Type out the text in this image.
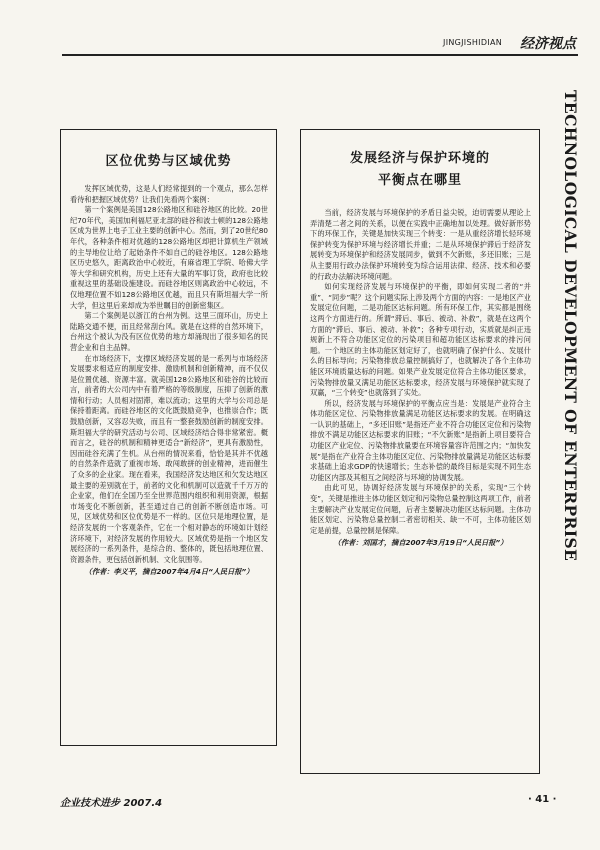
JINGJISHIDIAN 经济视点
TECHNOLOGICAL DEVELOPMENT OF ENTERPRISE
区位优势与区域优势

发挥区域优势，这是人们经常提到的一个观点，那么怎样看待和把握区域优势？让我们先看两个案例：

第一个案例是美国128公路地区和硅谷地区的比较。20世纪70年代，美国加利福尼亚北部的硅谷和波士顿的128公路地区成为世界上电子工业主要的创新中心。然而，到了20世纪80年代，各种条件相对优越的128公路地区却把计算机生产领域的主导地位让给了起始条件不如自己的硅谷地区。128公路地区历史悠久，距离政治中心较近，有麻省理工学院、哈佛大学等大学和研究机构，历史上还有大量的军事订货，政府也比较重视这里的基础设施建设。而硅谷地区则离政治中心较远，不仅地理位置不如128公路地区优越，而且只有斯坦福大学一所大学，但这里后来却成为举世瞩目的创新密集区。

第二个案例是以浙江的台州为例。这里三面环山，历史上陆路交通不便，而且经常刮台风。就是在这样的自然环境下，台州这个被认为没有区位优势的地方却涌现出了很多知名的民营企业和自主品牌。

在市场经济下，支撑区域经济发展的是一系列与市场经济发展要求相适应的制度安排、激励机制和创新精神，而不仅仅是位置优越、资源丰富。就美国128公路地区和硅谷的比较而言，前者的大公司内中有着严格的等级制度，压抑了创新的激情和行动；人员相对固滞，难以流动；这里的大学与公司总是保持着距离。而硅谷地区的文化既鼓励竞争，也推崇合作；既鼓励创新，又容忍失败，而且有一整套鼓励创新的制度安排。斯坦福大学的研究活动与公司、区域经济结合得非常紧密。概而言之，硅谷的机制和精神更适合“新经济”，更具有激励性，因而硅谷充满了生机。从台州的情况来看，恰恰是其并不优越的自然条件造就了重视市场、敢闯敢拼的创业精神，进而催生了众多的企业家。现在看来，我国经济发达地区和欠发达地区最主要的差别就在于，前者的文化和机制可以造就千千万万的企业家，他们在全国乃至全世界范围内组织和利用资源，根据市场变化不断创新，甚至通过自己的创新不断创造市场。可见，区域优势和区位优势是不一样的。区位只是地理位置，是经济发展的一个客观条件，它在一个相对静态的环境如计划经济环境下，对经济发展的作用较大。区域优势是指一个地区发展经济的一系列条件，是综合的、整体的，既包括地理位置、资源条件，更包括创新机制、文化氛围等。

（作者：李义平，摘自2007年4月4日“人民日报”）

发展经济与保护环境的
平衡点在哪里

当前，经济发展与环境保护的矛盾日益尖锐，迫切需要从理论上弄清楚二者之间的关系，以便在实践中正确地加以处理。做好新形势下的环保工作，关键是加快实现三个转变：一是从重经济增长轻环境保护转变为保护环境与经济增长并重；二是从环境保护滞后于经济发展转变为环境保护和经济发展同步，做到不欠新账，多还旧账；三是从主要用行政办法保护环境转变为综合运用法律、经济、技术和必要的行政办法解决环境问题。

如何实现经济发展与环境保护的平衡，即如何实现二者的“并重”、“同步”呢？这个问题实际上涉及两个方面的内容：一是地区产业发展定位问题，二是功能区达标问题。所有环保工作，其实都是围绕这两个方面进行的。所谓“滞后、事后、被动、补救”，就是在这两个方面的“滞后、事后、被动、补救”；各种专项行动，实质就是纠正违规新上不符合功能区定位的污染项目和超功能区达标要求的排污问题。一个地区的主体功能区划定好了，也就明确了保护什么、发展什么的目标导向；污染物排放总量控制搞好了，也就解决了各个主体功能区环境质量达标的问题。如果产业发展定位符合主体功能区要求，污染物排放量又满足功能区达标要求，经济发展与环境保护就实现了双赢，“三个转变”也就落到了实处。

所以，经济发展与环境保护的平衡点应当是：发展是产业符合主体功能区定位、污染物排放量满足功能区达标要求的发展。在明确这一认识的基础上，“多还旧账”是指还产业不符合功能区定位和污染物排放不满足功能区达标要求的旧账；“不欠新账”是指新上项目要符合功能区产业定位、污染物排放量要在环境容量容许范围之内；“加快发展”是指在产业符合主体功能区定位、污染物排放量满足功能区达标要求基础上追求GDP的快速增长；生态补偿的最终目标是实现不同生态功能区内部及其相互之间经济与环境的协调发展。

由此可见，协调好经济发展与环境保护的关系，实现“三个转变”，关键是推进主体功能区划定和污染物总量控制这两项工作，前者主要解决产业发展定位问题，后者主要解决功能区达标问题。主体功能区划定、污染物总量控制二者密切相关、缺一不可，主体功能区划定是前提，总量控制是保障。

（作者：刘国才，摘自2007年3月19日“人民日报”）

企业技术进步 2007.4	· 41 ·
